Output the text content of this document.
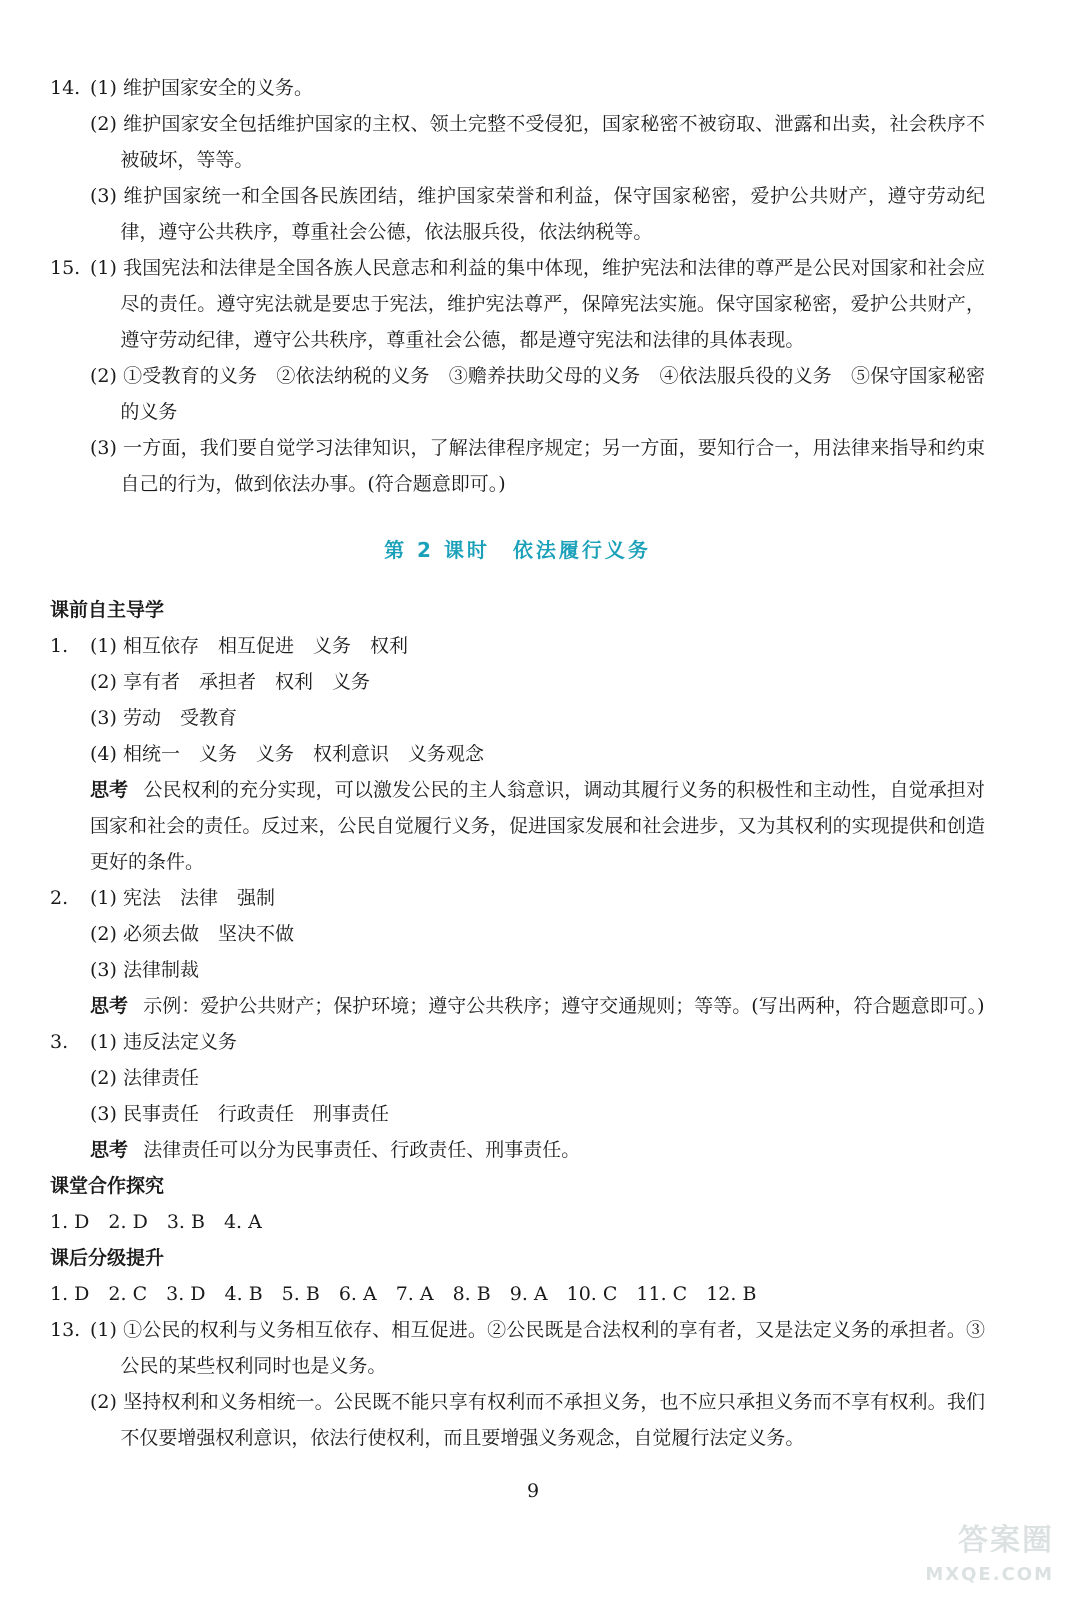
14. (1) 维护国家安全的义务。
(2) 维护国家安全包括维护国家的主权、领土完整不受侵犯，国家秘密不被窃取、泄露和出卖，社会秩序不被破坏，等等。
(3) 维护国家统一和全国各民族团结，维护国家荣誉和利益，保守国家秘密，爱护公共财产，遵守劳动纪律，遵守公共秩序，尊重社会公德，依法服兵役，依法纳税等。
15. (1) 我国宪法和法律是全国各族人民意志和利益的集中体现，维护宪法和法律的尊严是公民对国家和社会应尽的责任。遵守宪法就是要忠于宪法，维护宪法尊严，保障宪法实施。保守国家秘密，爱护公共财产，遵守劳动纪律，遵守公共秩序，尊重社会公德，都是遵守宪法和法律的具体表现。
(2) ①受教育的义务　②依法纳税的义务　③赡养扶助父母的义务　④依法服兵役的义务　⑤保守国家秘密的义务
(3) 一方面，我们要自觉学习法律知识，了解法律程序规定；另一方面，要知行合一，用法律来指导和约束自己的行为，做到依法办事。(符合题意即可。)
第 2 课时　依法履行义务
课前自主导学
1. (1) 相互依存　相互促进　义务　权利
(2) 享有者　承担者　权利　义务
(3) 劳动　受教育
(4) 相统一　义务　义务　权利意识　义务观念
思考 公民权利的充分实现，可以激发公民的主人翁意识，调动其履行义务的积极性和主动性，自觉承担对国家和社会的责任。反过来，公民自觉履行义务，促进国家发展和社会进步，又为其权利的实现提供和创造更好的条件。
2. (1) 宪法　法律　强制
(2) 必须去做　坚决不做
(3) 法律制裁
思考 示例：爱护公共财产；保护环境；遵守公共秩序；遵守交通规则；等等。(写出两种，符合题意即可。)
3. (1) 违反法定义务
(2) 法律责任
(3) 民事责任　行政责任　刑事责任
思考 法律责任可以分为民事责任、行政责任、刑事责任。
课堂合作探究
1. D 2. D 3. B 4. A
课后分级提升
1. D 2. C 3. D 4. B 5. B 6. A 7. A 8. B 9. A 10. C 11. C 12. B
13. (1) ①公民的权利与义务相互依存、相互促进。②公民既是合法权利的享有者，又是法定义务的承担者。③公民的某些权利同时也是义务。
(2) 坚持权利和义务相统一。公民既不能只享有权利而不承担义务，也不应只承担义务而不享有权利。我们不仅要增强权利意识，依法行使权利，而且要增强义务观念，自觉履行法定义务。
9
答案圈
MXQE.COM
